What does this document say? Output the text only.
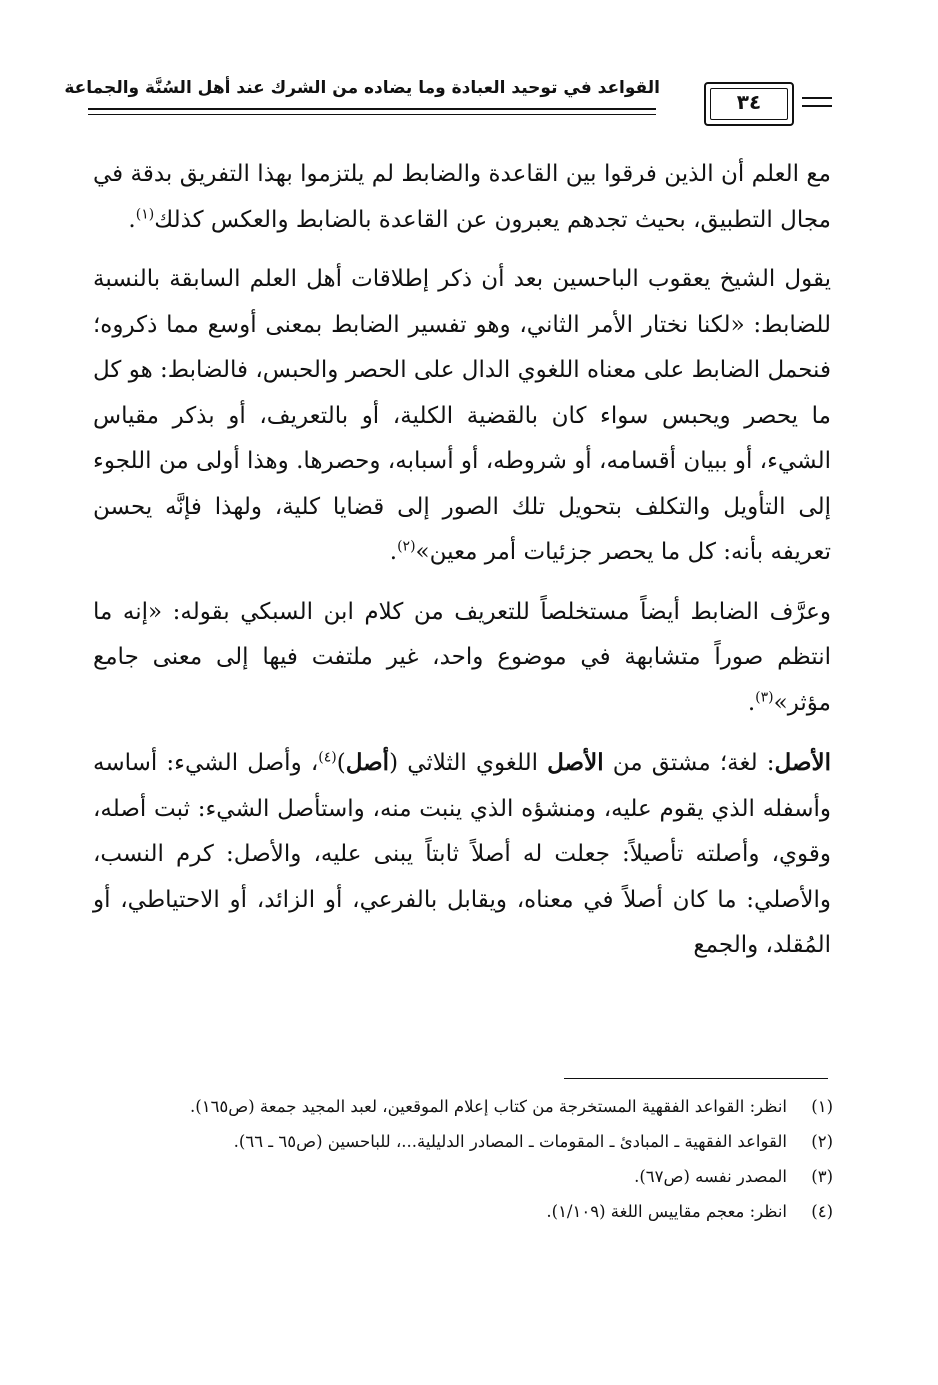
القواعد في توحيد العبادة وما يضاده من الشرك عند أهل السُنَّة والجماعة
٣٤

مع العلم أن الذين فرقوا بين القاعدة والضابط لم يلتزموا بهذا التفريق بدقة في مجال التطبيق، بحيث تجدهم يعبرون عن القاعدة بالضابط والعكس كذلك$^{(١)}$.

يقول الشيخ يعقوب الباحسين بعد أن ذكر إطلاقات أهل العلم السابقة بالنسبة للضابط: «لكنا نختار الأمر الثاني، وهو تفسير الضابط بمعنى أوسع مما ذكروه؛ فنحمل الضابط على معناه اللغوي الدال على الحصر والحبس، فالضابط: هو كل ما يحصر ويحبس سواء كان بالقضية الكلية، أو بالتعريف، أو بذكر مقياس الشيء، أو ببيان أقسامه، أو شروطه، أو أسبابه، وحصرها. وهذا أولى من اللجوء إلى التأويل والتكلف بتحويل تلك الصور إلى قضايا كلية، ولهذا فإنَّه يحسن تعريفه بأنه: كل ما يحصر جزئيات أمر معين»$^{(٢)}$.

وعرَّف الضابط أيضاً مستخلصاً للتعريف من كلام ابن السبكي بقوله: «إنه ما انتظم صوراً متشابهة في موضوع واحد، غير ملتفت فيها إلى معنى جامع مؤثر»$^{(٣)}$.

الأصل: لغة؛ مشتق من الأصل اللغوي الثلاثي (أصل)$^{(٤)}$، وأصل الشيء: أساسه وأسفله الذي يقوم عليه، ومنشؤه الذي ينبت منه، واستأصل الشيء: ثبت أصله، وقوي، وأصلته تأصيلاً: جعلت له أصلاً ثابتاً يبنى عليه، والأصل: كرم النسب، والأصلي: ما كان أصلاً في معناه، ويقابل بالفرعي، أو الزائد، أو الاحتياطي، أو المُقلد، والجمع

(١)
انظر: القواعد الفقهية المستخرجة من كتاب إعلام الموقعين، لعبد المجيد جمعة (ص١٦٥).
(٢)
القواعد الفقهية ـ المبادئ ـ المقومات ـ المصادر الدليلية...، للباحسين (ص٦٥ ـ ٦٦).
(٣)
المصدر نفسه (ص٦٧).
(٤)
انظر: معجم مقاييس اللغة (١/١٠٩).
